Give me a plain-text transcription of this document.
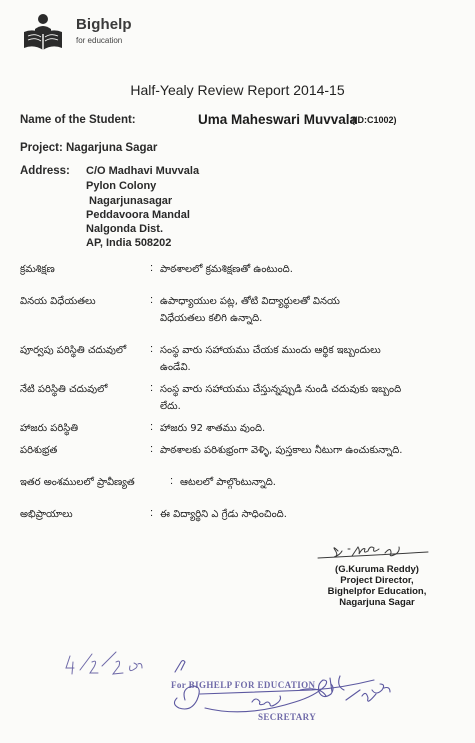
Bighelp
for education
Half-Yealy Review Report 2014-15
Name of the Student:	Uma Maheswari Muvvala
(ID:C1002)
Project: Nagarjuna Sagar
Address: C/O Madhavi Muvvala
Pylon Colony
Nagarjunasagar
Peddavoora Mandal
Nalgonda Dist.
AP, India 508202
క్రమశిక్షణ	: పాఠశాలలో క్రమశిక్షణతో ఉంటుంది.
వినయ విధేయతలు	: ఉపాధ్యాయుల పట్ల, తోటి విద్యార్థులతో వినయ
విధేయతలు కలిగి ఉన్నాది.
పూర్వపు పరిస్థితి చదువులో : సంస్థ వారు సహాయము చేయక ముందు ఆర్థిక ఇబ్బందులు
ఉండేవి.
నేటి పరిస్థితి చదువులో	: సంస్థ వారు సహాయము చేస్తున్నప్పుడి నుండి చదువుకు ఇబ్బంది
లేదు.
హాజరు పరిస్థితి	: హాజరు 92 శాతము వుంది.
పరిశుభ్రత	: పాఠశాలకు పరిశుభ్రంగా వెళ్ళి, పుస్తకాలు నీటుగా ఉంచుకున్నాది.
ఇతర అంశములలో ప్రావీణ్యత	: ఆటలలో పాల్గొంటున్నాది.
అభిప్రాయాలు	: ఈ విద్యార్థిని ఎ గ్రేడు సాధించింది.
(G.Kuruma Reddy)
Project Director,
Bighelpfor Education,
Nagarjuna Sagar
For BIGHELP FOR EDUCATION
SECRETARY
